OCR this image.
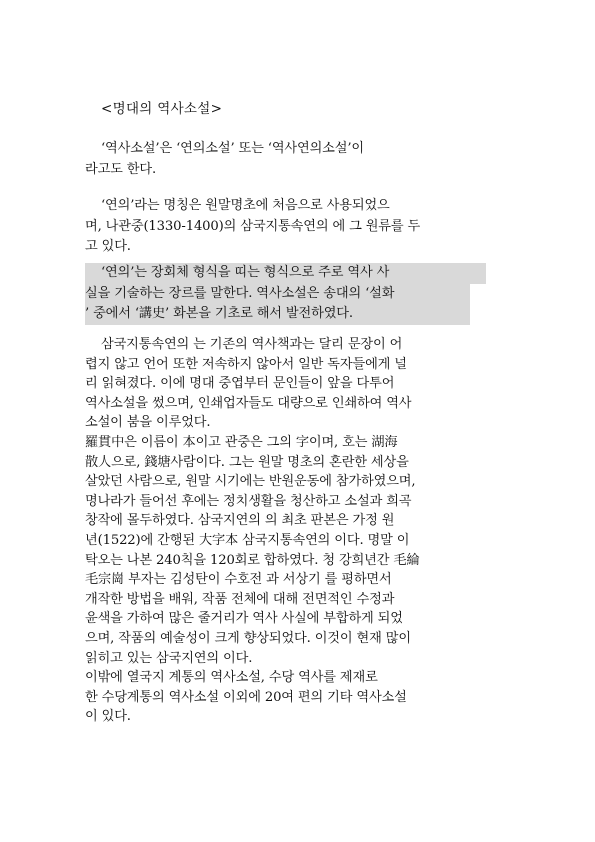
<명대의 역사소설>
‘역사소설’은 ‘연의소설’ 또는 ‘역사연의소설’이
라고도 한다.
‘연의’라는 명칭은 원말명초에 처음으로 사용되었으
며, 나관중(1330-1400)의 삼국지통속연의 에 그 원류를 두
고 있다.
‘연의’는 장회체 형식을 띠는 형식으로 주로 역사 사
실을 기술하는 장르를 말한다. 역사소설은 송대의 ‘설화
’ 중에서 ‘講史’ 화본을 기초로 해서 발전하였다.
삼국지통속연의 는 기존의 역사책과는 달리 문장이 어
렵지 않고 언어 또한 저속하지 않아서 일반 독자들에게 널
리 읽혀졌다. 이에 명대 중엽부터 문인들이 앞을 다투어
역사소설을 썼으며, 인쇄업자들도 대량으로 인쇄하여 역사
소설이 붐을 이루었다.
羅貫中은 이름이 本이고 관중은 그의 字이며, 호는 湖海
散人으로, 錢塘사람이다. 그는 원말 명초의 혼란한 세상을
살았던 사람으로, 원말 시기에는 반원운동에 참가하였으며,
명나라가 들어선 후에는 정치생활을 청산하고 소설과 희곡
창작에 몰두하였다. 삼국지연의 의 최초 판본은 가정 원
년(1522)에 간행된 大字本 삼국지통속연의 이다. 명말 이
탁오는 나본 240칙을 120회로 합하였다. 청 강희년간 毛綸
毛宗崗 부자는 김성탄이 수호전 과 서상기 를 평하면서
개작한 방법을 배워, 작품 전체에 대해 전면적인 수정과
윤색을 가하여 많은 줄거리가 역사 사실에 부합하게 되었
으며, 작품의 예술성이 크게 향상되었다. 이것이 현재 많이
읽히고 있는 삼국지연의 이다.
이밖에 열국지 계통의 역사소설, 수당 역사를 제재로
한 수당계통의 역사소설 이외에 20여 편의 기타 역사소설
이 있다.
